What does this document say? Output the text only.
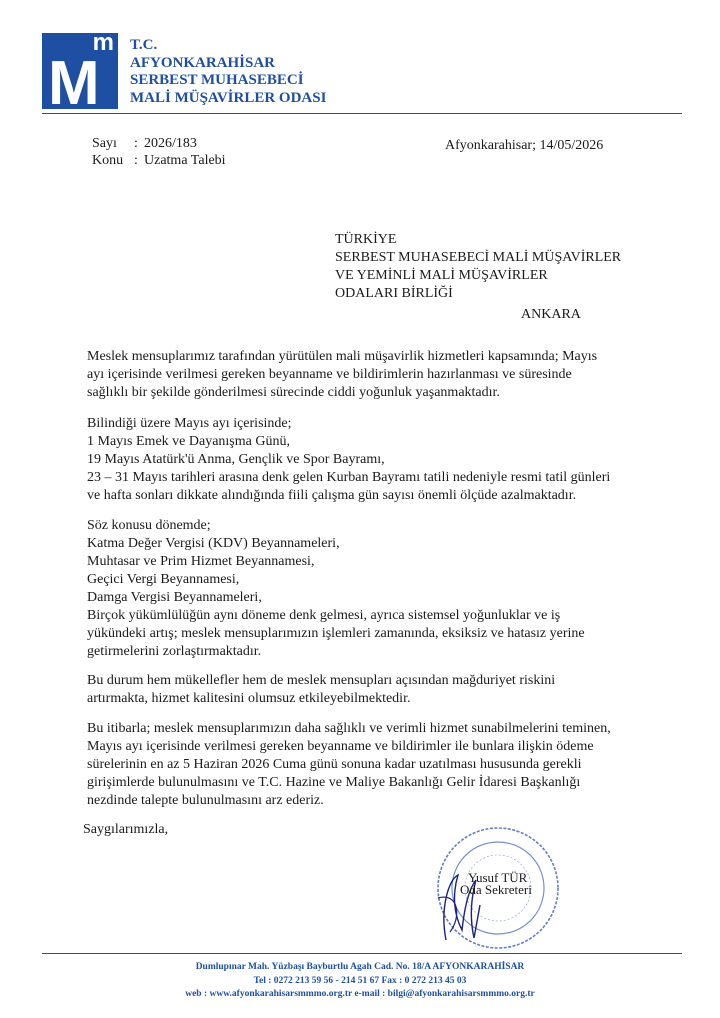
m
M
T.C.
AFYONKARAHİSAR
SERBEST MUHASEBECİ
MALİ MÜŞAVİRLER ODASI
Sayı : 2026/183
Konu : Uzatma Talebi
Afyonkarahisar; 14/05/2026
TÜRKİYE
SERBEST MUHASEBECİ MALİ MÜŞAVİRLER
VE YEMİNLİ MALİ MÜŞAVİRLER
ODALARI BİRLİĞİ
ANKARA
Meslek mensuplarımız tarafından yürütülen mali müşavirlik hizmetleri kapsamında; Mayıs
ayı içerisinde verilmesi gereken beyanname ve bildirimlerin hazırlanması ve süresinde
sağlıklı bir şekilde gönderilmesi sürecinde ciddi yoğunluk yaşanmaktadır.
Bilindiği üzere Mayıs ayı içerisinde;
1 Mayıs Emek ve Dayanışma Günü,
19 Mayıs Atatürk'ü Anma, Gençlik ve Spor Bayramı,
23 – 31 Mayıs tarihleri arasına denk gelen Kurban Bayramı tatili nedeniyle resmi tatil günleri
ve hafta sonları dikkate alındığında fiili çalışma gün sayısı önemli ölçüde azalmaktadır.
Söz konusu dönemde;
Katma Değer Vergisi (KDV) Beyannameleri,
Muhtasar ve Prim Hizmet Beyannamesi,
Geçici Vergi Beyannamesi,
Damga Vergisi Beyannameleri,
Birçok yükümlülüğün aynı döneme denk gelmesi, ayrıca sistemsel yoğunluklar ve iş
yükündeki artış; meslek mensuplarımızın işlemleri zamanında, eksiksiz ve hatasız yerine
getirmelerini zorlaştırmaktadır.
Bu durum hem mükellefler hem de meslek mensupları açısından mağduriyet riskini
artırmakta, hizmet kalitesini olumsuz etkileyebilmektedir.
Bu itibarla; meslek mensuplarımızın daha sağlıklı ve verimli hizmet sunabilmelerini teminen,
Mayıs ayı içerisinde verilmesi gereken beyanname ve bildirimler ile bunlara ilişkin ödeme
sürelerinin en az 5 Haziran 2026 Cuma günü sonuna kadar uzatılması hususunda gerekli
girişimlerde bulunulmasını ve T.C. Hazine ve Maliye Bakanlığı Gelir İdaresi Başkanlığı
nezdinde talepte bulunulmasını arz ederiz.
Saygılarımızla,
Yusuf TÜR
Oda Sekreteri
Dumlupınar Mah. Yüzbaşı Bayburtlu Agah Cad. No. 18/A AFYONKARAHİSAR
Tel : 0272 213 59 56 - 214 51 67 Fax : 0 272 213 45 03
web : www.afyonkarahisarsmmmo.org.tr e-mail : bilgi@afyonkarahisarsmmmo.org.tr
